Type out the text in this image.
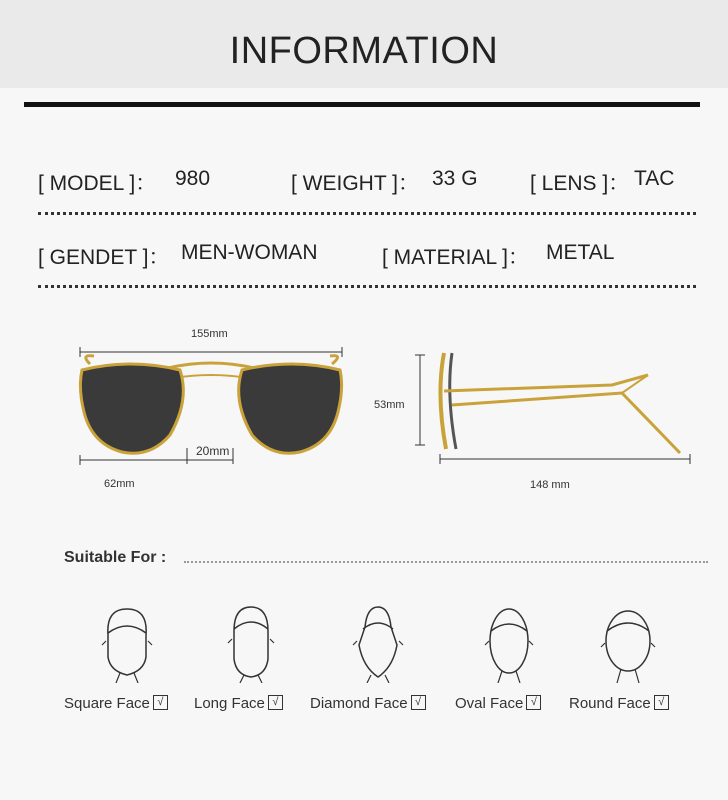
INFORMATION
[ MODEL ]： 980	[ WEIGHT ]： 33 G [ LENS ]： TAC
[ GENDET ]： MEN-WOMAN	[ MATERIAL ]： METAL
155mm
20mm
62mm
53mm
148 mm
Suitable For :
Square Face √ Long Face √ Diamond Face √ Oval Face √ Round Face √
